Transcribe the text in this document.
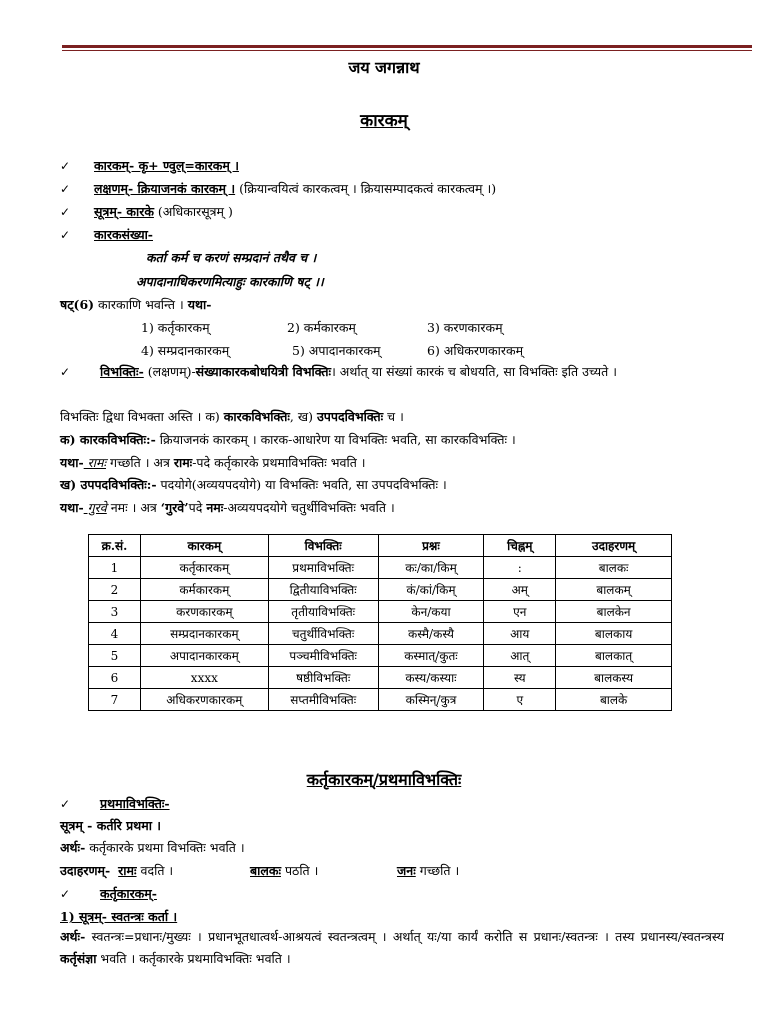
जय जगन्नाथ
कारकम्
✓ कारकम्- कृ+ ण्वुल्=कारकम् ।
✓ लक्षणम्- क्रियाजनकं कारकम् । (क्रियान्वयित्वं कारकत्वम् । क्रियासम्पादकत्वं कारकत्वम् ।)
✓ सूत्रम्- कारके (अधिकारसूत्रम् )
✓ कारकसंख्या-
कर्ता कर्म च करणं सम्प्रदानं तथैव च ।
अपादानाधिकरणमित्याहुः कारकाणि षट् ।।
षट्(6) कारकाणि भवन्ति । यथा-
1) कर्तृकारकम्	2) कर्मकारकम्	3) करणकारकम्
4) सम्प्रदानकारकम्	5) अपादानकारकम्	6) अधिकरणकारकम्
✓ विभक्तिः- (लक्षणम्)-संख्याकारकबोधयित्री विभक्तिः। अर्थात् या संख्यां कारकं च बोधयति, सा विभक्तिः इति उच्यते ।
विभक्तिः द्विधा विभक्ता अस्ति । क) कारकविभक्तिः, ख) उपपदविभक्तिः च ।
क) कारकविभक्तिः:- क्रियाजनकं कारकम् । कारक-आधारेण या विभक्तिः भवति, सा कारकविभक्तिः ।
यथा- रामः गच्छति । अत्र रामः-पदे कर्तृकारके प्रथमाविभक्तिः भवति ।
ख) उपपदविभक्तिः:- पदयोगे(अव्ययपदयोगे) या विभक्तिः भवति, सा उपपदविभक्तिः ।
यथा- गुरवे नमः । अत्र ‘गुरवे’पदे नमः-अव्ययपदयोगे चतुर्थीविभक्तिः भवति ।
क्र.सं.	कारकम्	विभक्तिः	प्रश्नः	चिह्नम्	उदाहरणम्
1	कर्तृकारकम्	प्रथमाविभक्तिः	कः/का/किम्	:	बालकः
2	कर्मकारकम्	द्वितीयाविभक्तिः	कं/कां/किम्	अम्	बालकम्
3	करणकारकम्	तृतीयाविभक्तिः	केन/कया	एन	बालकेन
4	सम्प्रदानकारकम्	चतुर्थीविभक्तिः	कस्मै/कस्यै	आय	बालकाय
5	अपादानकारकम्	पञ्चमीविभक्तिः	कस्मात्/कुतः	आत्	बालकात्
6	xxxx	षष्ठीविभक्तिः	कस्य/कस्याः	स्य	बालकस्य
7	अधिकरणकारकम्	सप्तमीविभक्तिः	कस्मिन्/कुत्र	ए	बालके
कर्तृकारकम्/प्रथमाविभक्तिः
✓ प्रथमाविभक्तिः-
सूत्रम् - कर्तरि प्रथमा ।
अर्थः- कर्तृकारके प्रथमा विभक्तिः भवति ।
उदाहरणम्- रामः वदति ।	बालकः पठति ।	जनः गच्छति ।
✓ कर्तृकारकम्-
1) सूत्रम्- स्वतन्त्रः कर्ता ।
अर्थः- स्वतन्त्रः=प्रधानः/मुख्यः । प्रधानभूतधात्वर्थ-आश्रयत्वं स्वतन्त्रत्वम् । अर्थात् यः/या कार्यं करोति स प्रधानः/स्वतन्त्रः । तस्य प्रधानस्य/स्वतन्त्रस्य कर्तृसंज्ञा भवति । कर्तृकारके प्रथमाविभक्तिः भवति ।
